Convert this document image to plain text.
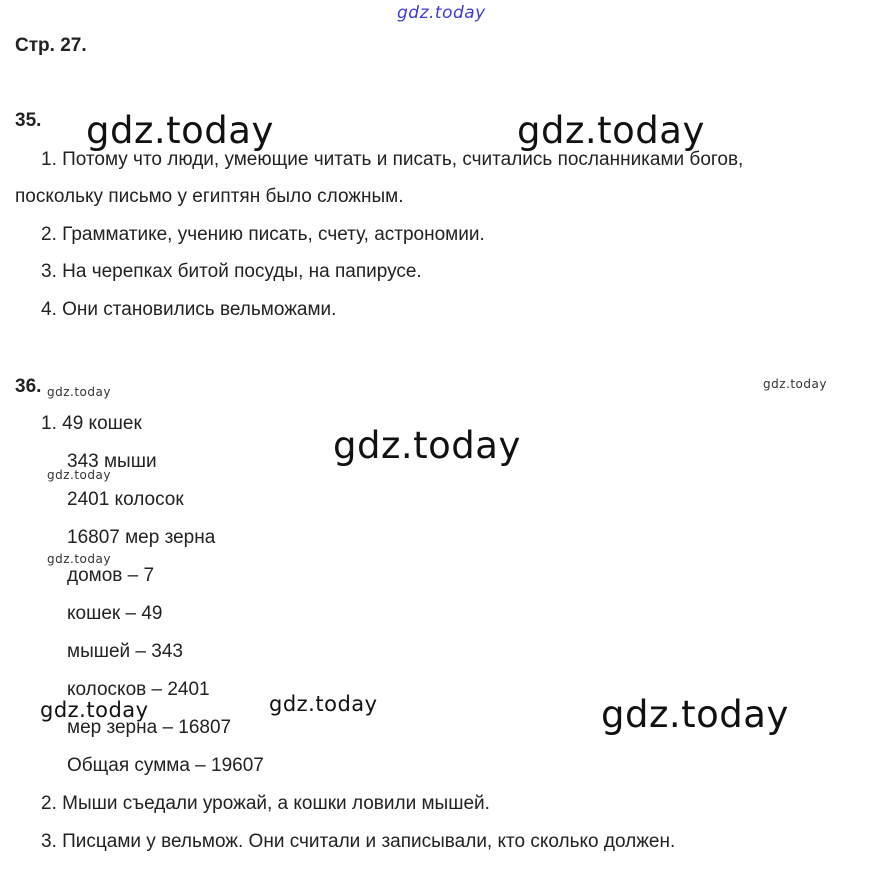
gdz.today
Стр. 27.
35.
1. Потому что люди, умеющие читать и писать, считались посланниками богов,
поскольку письмо у египтян было сложным.
2. Грамматике, учению писать, счету, астрономии.
3. На черепках битой посуды, на папирусе.
4. Они становились вельможами.
36.
1. 49 кошек
343 мыши
2401 колосок
16807 мер зерна
домов – 7
кошек – 49
мышей – 343
колосков – 2401
мер зерна – 16807
Общая сумма – 19607
2. Мыши съедали урожай, а кошки ловили мышей.
3. Писцами у вельмож. Они считали и записывали, кто сколько должен.
gdz.today	gdz.today
gdz.today
gdz.today
gdz.today	gdz.today
gdz.today
gdz.today
gdz.today
gdz.today
